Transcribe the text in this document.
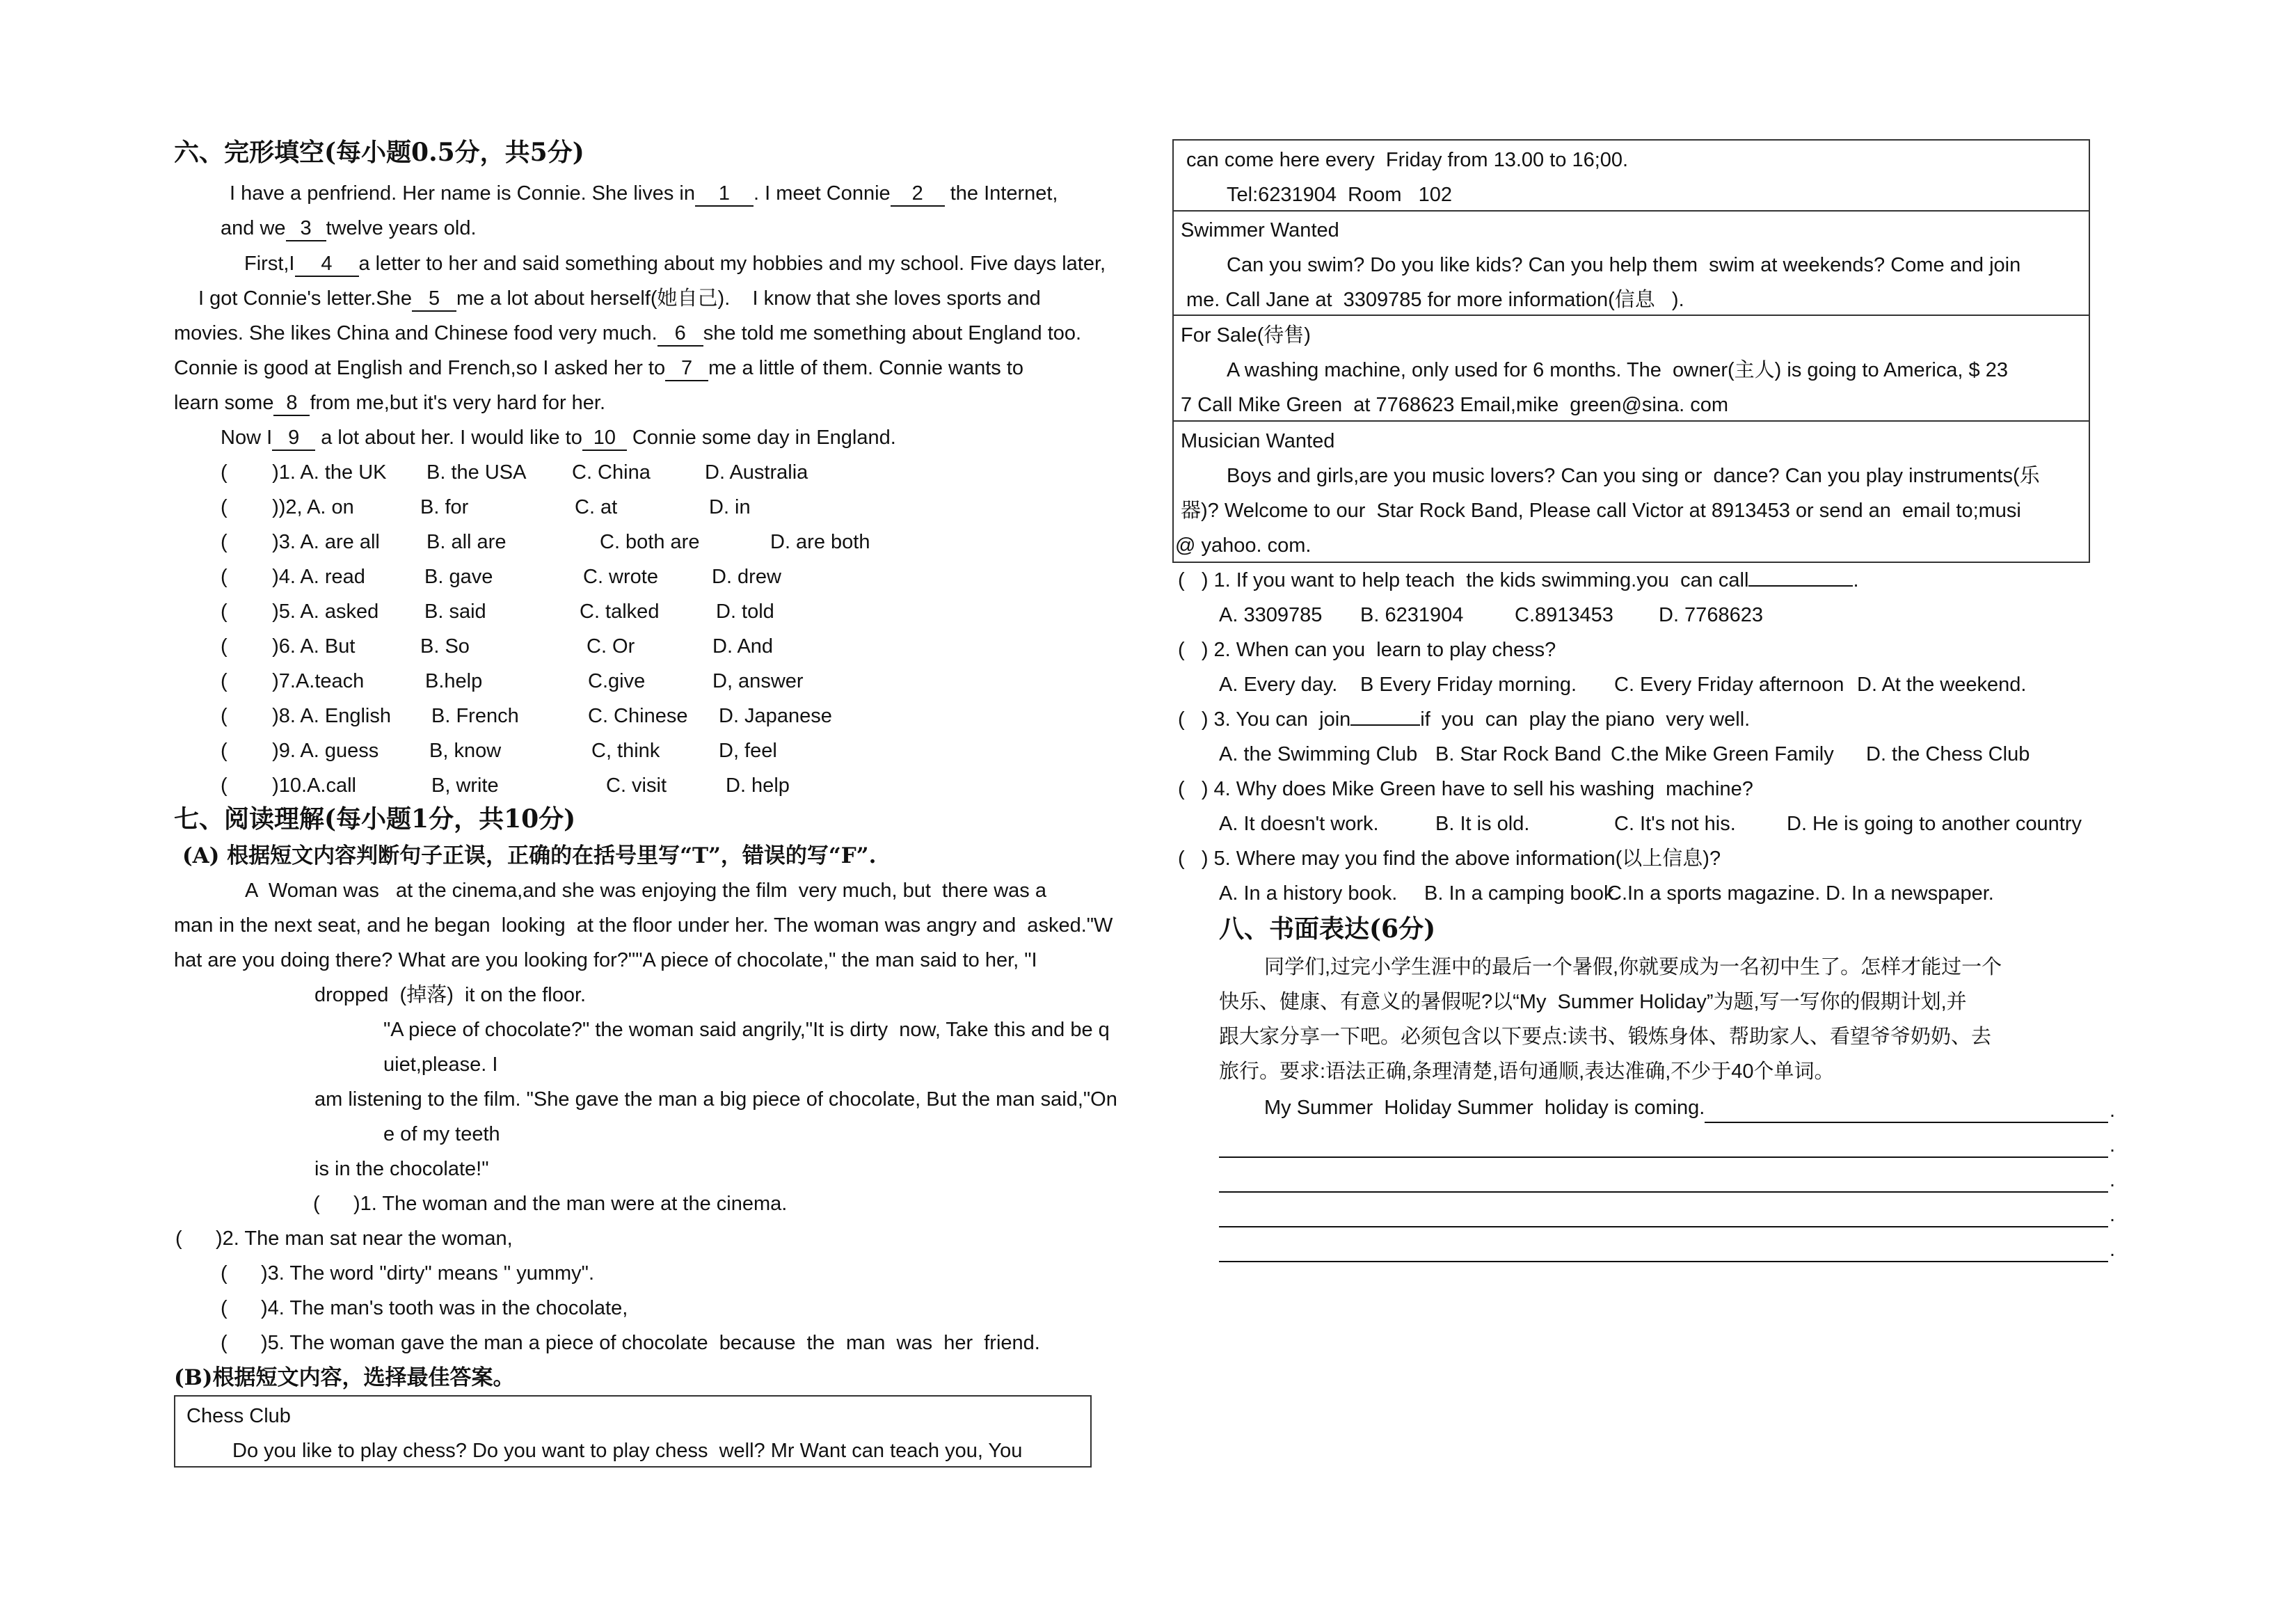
六、完形填空(每小题0.5分，共5分)
I have a penfriend. Her name is Connie. She lives in 1 . I meet Connie 2 the Internet,
and we 3 twelve years old.
First,I 4 a letter to her and said something about my hobbies and my school. Five days later,
I got Connie's letter.She 5 me a lot about herself(她自己).    I know that she loves sports and
movies. She likes China and Chinese food very much. 6 she told me something about England too.
Connie is good at English and French,so I asked her to 7 me a little of them. Connie wants to
learn some 8 from me,but it's very hard for her.
Now I 9 a lot about her. I would like to 10 Connie some day in England.
(        )1. A. the UK B. the USA C. China	D. Australia
(        ))2, A. on	B. for	C. at	D. in
(        )3. A. are all B. all are	C. both are	D. are both
(        )4. A. read	B. gave	C. wrote	D. drew
(        )5. A. asked B. said	C. talked	D. told
(        )6. A. But	B. So	C. Or	D. And
(        )7.A.teach	B.help	C.give	D, answer
(        )8. A. English B. French	C. Chinese D. Japanese
(        )9. A. guess	B, know	C, think	D, feel
(        )10.A.call	B, write	C. visit	D. help
七、阅读理解(每小题1分，共10分)
(A) 根据短文内容判断句子正误，正确的在括号里写“T”，错误的写“F”.
A  Woman was   at the cinema,and she was enjoying the film  very much, but  there was a
man in the next seat, and he began  looking  at the floor under her. The woman was angry and  asked."W
hat are you doing there? What are you looking for?""A piece of chocolate," the man said to her, "I
dropped  (掉落)  it on the floor.
"A piece of chocolate?" the woman said angrily,"It is dirty  now, Take this and be q
uiet,please. I
am listening to the film. "She gave the man a big piece of chocolate, But the man said,"On
e of my teeth
is in the chocolate!"
(      )1. The woman and the man were at the cinema.
(      )2. The man sat near the woman,
(      )3. The word "dirty" means " yummy".
(      )4. The man's tooth was in the chocolate,
(      )5. The woman gave the man a piece of chocolate  because  the  man  was  her  friend.
(B)根据短文内容，选择最佳答案。
Chess Club
Do you like to play chess? Do you want to play chess  well? Mr Want can teach you, You
can come here every  Friday from 13.00 to 16;00.
Tel:6231904  Room   102
Swimmer Wanted
Can you swim? Do you like kids? Can you help them  swim at weekends? Come and join
me. Call Jane at  3309785 for more information(信息   ).
For Sale(待售)
A washing machine, only used for 6 months. The  owner(主人) is going to America, $ 23
7 Call Mike Green  at 7768623 Email,mike  green@sina. com
Musician Wanted
Boys and girls,are you music lovers? Can you sing or  dance? Can you play instruments(乐
器)? Welcome to our  Star Rock Band, Please call Victor at 8913453 or send an  email to;musi
@ yahoo. com.
(   ) 1. If you want to help teach  the kids swimming.you  can call	.
A. 3309785 B. 6231904	C.8913453 D. 7768623
(   ) 2. When can you  learn to play chess?
A. Every day. B Every Friday morning. C. Every Friday afternoon D. At the weekend.
(   ) 3. You can  join	if  you  can  play the piano  very well.
A. the Swimming Club B. Star Rock Band C.the Mike Green Family D. the Chess Club
(   ) 4. Why does Mike Green have to sell his washing  machine?
A. It doesn't work.	B. It is old.	C. It's not his.	D. He is going to another country
(   ) 5. Where may you find the above information(以上信息)?
A. In a history book. B. In a camping book.
C.In a sports magazine. D. In a newspaper.
八、书面表达(6分)
同学们,过完小学生涯中的最后一个暑假,你就要成为一名初中生了。怎样才能过一个
快乐、健康、有意义的暑假呢?以“My  Summer Holiday”为题,写一写你的假期计划,并
跟大家分享一下吧。必须包含以下要点:读书、锻炼身体、帮助家人、看望爷爷奶奶、去
旅行。要求:语法正确,条理清楚,语句通顺,表达准确,不少于40个单词。
My Summer  Holiday Summer  holiday is coming.	.
.
.
.
.
